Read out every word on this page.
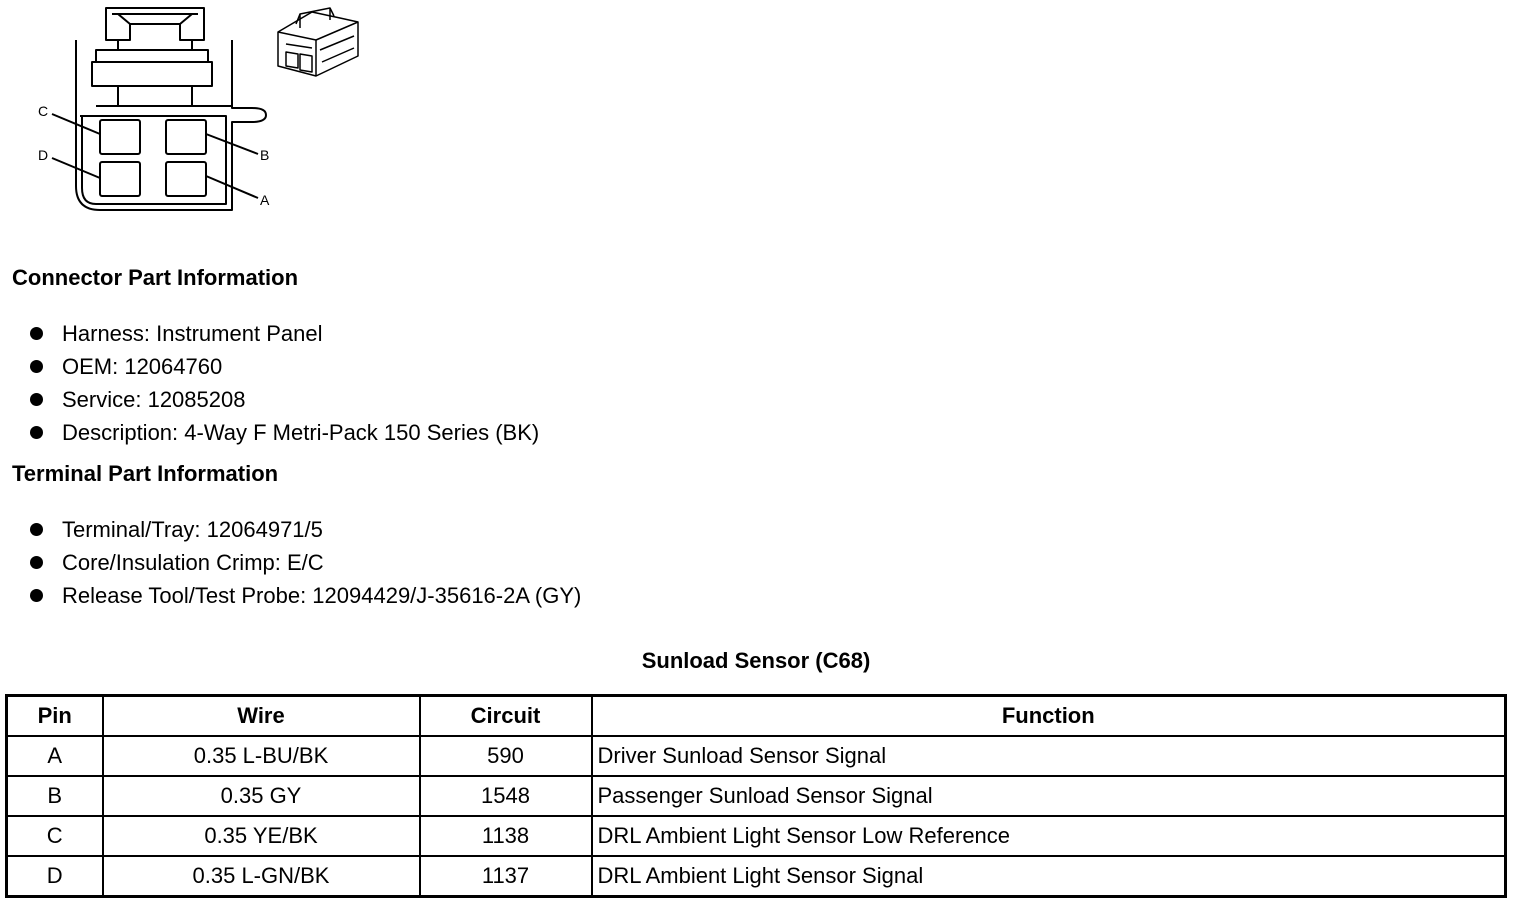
C
D	B
A
Connector Part Information
Harness: Instrument Panel
OEM: 12064760
Service: 12085208
Description: 4-Way F Metri-Pack 150 Series (BK)
Terminal Part Information
Terminal/Tray: 12064971/5
Core/Insulation Crimp: E/C
Release Tool/Test Probe: 12094429/J-35616-2A (GY)
Sunload Sensor (C68)
Pin	Wire	Circuit	Function
A	0.35 L-BU/BK	590	Driver Sunload Sensor Signal
B	0.35 GY	1548	Passenger Sunload Sensor Signal
C	0.35 YE/BK	1138	DRL Ambient Light Sensor Low Reference
D	0.35 L-GN/BK	1137	DRL Ambient Light Sensor Signal
